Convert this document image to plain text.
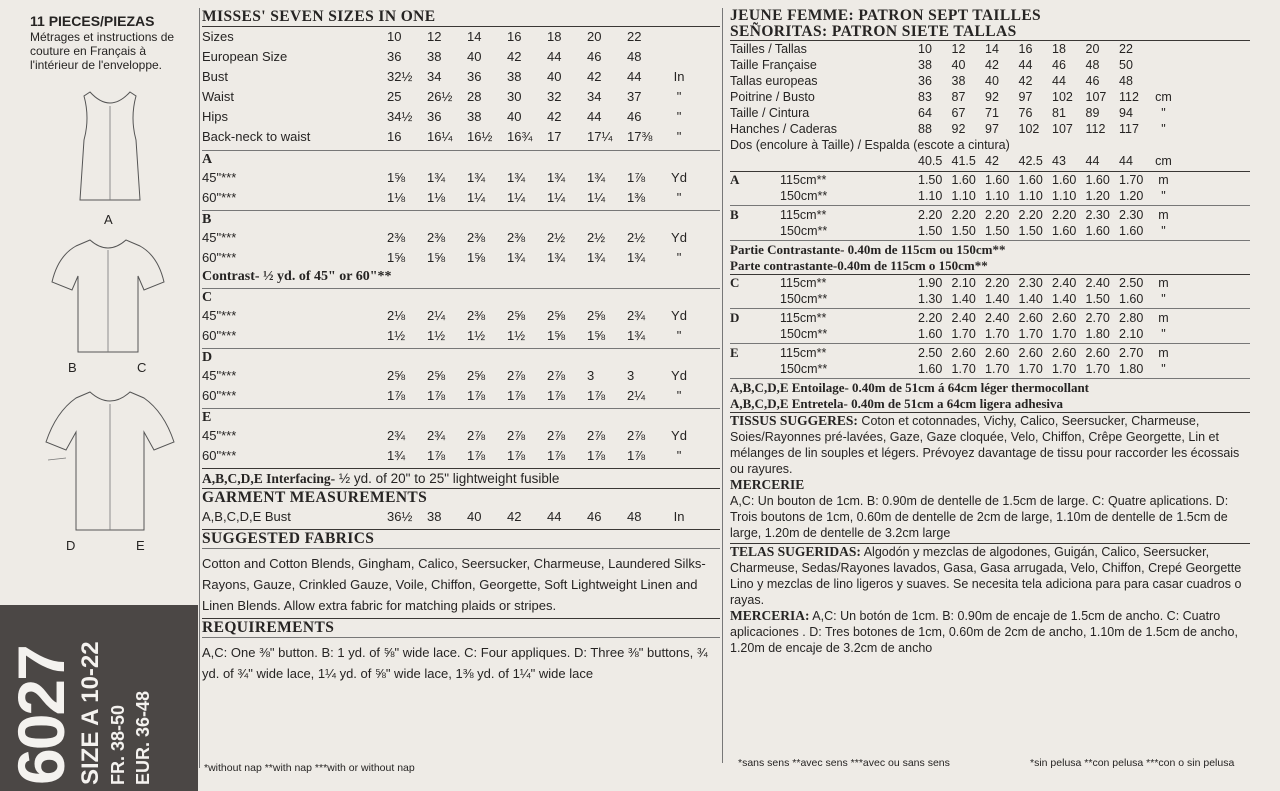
11 PIECES/PIEZAS
Métrages et instructions de couture en Français à l'intérieur de l'enveloppe.
A
B	C
D	E
6027 SIZE A 10-22 FR. 38-50 EUR. 36-48
MISSES' SEVEN SIZES IN ONE
Sizes	10	12	14	16	18	20	22	
European Size	36	38	40	42	44	46	48	
Bust	32½	34	36	38	40	42	44	In
Waist	25	26½	28	30	32	34	37	"
Hips	34½	36	38	40	42	44	46	"
Back-neck to waist	16	16¼	16½	16¾	17	17¼	17⅜	"
A
45"***	1⅝	1¾	1¾	1¾	1¾	1¾	1⅞	Yd
60"***	1⅛	1⅛	1¼	1¼	1¼	1¼	1⅜	"
B
45"***	2⅜	2⅜	2⅜	2⅜	2½	2½	2½	Yd
60"***	1⅝	1⅝	1⅝	1¾	1¾	1¾	1¾	"
Contrast- ½ yd. of 45" or 60"**
C
45"***	2⅛	2¼	2⅜	2⅝	2⅝	2⅝	2¾	Yd
60"***	1½	1½	1½	1½	1⅝	1⅝	1¾	"
D
45"***	2⅝	2⅝	2⅝	2⅞	2⅞	3	3	Yd
60"***	1⅞	1⅞	1⅞	1⅞	1⅞	1⅞	2¼	"
E
45"***	2¾	2¾	2⅞	2⅞	2⅞	2⅞	2⅞	Yd
60"***	1¾	1⅞	1⅞	1⅞	1⅞	1⅞	1⅞	"
A,B,C,D,E Interfacing- ½ yd. of 20" to 25" lightweight fusible
GARMENT MEASUREMENTS
A,B,C,D,E Bust	36½	38	40	42	44	46	48	In
SUGGESTED FABRICS
Cotton and Cotton Blends, Gingham, Calico, Seersucker, Charmeuse, Laundered Silks-Rayons, Gauze, Crinkled Gauze, Voile, Chiffon, Georgette, Soft Lightweight Linen and Linen Blends. Allow extra fabric for matching plaids or stripes.
REQUIREMENTS
A,C: One ⅜" button. B: 1 yd. of ⅝" wide lace. C: Four appliques. D: Three ⅜" buttons, ¾ yd. of ¾" wide lace, 1¼ yd. of ⅝" wide lace, 1⅜ yd. of 1¼" wide lace
*without nap **with nap ***with or without nap
JEUNE FEMME: PATRON SEPT TAILLES
SEÑORITAS: PATRON SIETE TALLAS
Tailles / Tallas	10	12	14	16	18	20	22	
Taille Française	38	40	42	44	46	48	50	
Tallas europeas	36	38	40	42	44	46	48	
Poitrine / Busto	83	87	92	97	102	107	112	cm
Taille / Cintura	64	67	71	76	81	89	94	"
Hanches / Caderas	88	92	97	102	107	112	117	"
Dos (encolure à Taille) / Espalda (escote a cintura)
	40.5	41.5	42	42.5	43	44	44	cm
A	115cm**	1.50	1.60	1.60	1.60	1.60	1.60	1.70	m
	150cm**	1.10	1.10	1.10	1.10	1.10	1.20	1.20	"
B	115cm**	2.20	2.20	2.20	2.20	2.20	2.30	2.30	m
	150cm**	1.50	1.50	1.50	1.50	1.60	1.60	1.60	"
Partie Contrastante- 0.40m de 115cm ou 150cm**
Parte contrastante-0.40m de 115cm o 150cm**
C	115cm**	1.90	2.10	2.20	2.30	2.40	2.40	2.50	m
	150cm**	1.30	1.40	1.40	1.40	1.40	1.50	1.60	"
D	115cm**	2.20	2.40	2.40	2.60	2.60	2.70	2.80	m
	150cm**	1.60	1.70	1.70	1.70	1.70	1.80	2.10	"
E	115cm**	2.50	2.60	2.60	2.60	2.60	2.60	2.70	m
	150cm**	1.60	1.70	1.70	1.70	1.70	1.70	1.80	"
A,B,C,D,E Entoilage- 0.40m de 51cm á 64cm léger thermocollant
A,B,C,D,E Entretela- 0.40m de 51cm a 64cm ligera adhesiva
TISSUS SUGGERES: Coton et cotonnades, Vichy, Calico, Seersucker, Charmeuse, Soies/Rayonnes pré-lavées, Gaze, Gaze cloquée, Velo, Chiffon, Crêpe Georgette, Lin et mélanges de lin souples et légers. Prévoyez davantage de tissu pour raccorder les écossais ou rayures.
MERCERIE
A,C: Un bouton de 1cm. B: 0.90m de dentelle de 1.5cm de large. C: Quatre aplications. D: Trois boutons de 1cm, 0.60m de dentelle de 2cm de large, 1.10m de dentelle de 1.5cm de large, 1.20m de dentelle de 3.2cm large
TELAS SUGERIDAS: Algodón y mezclas de algodones, Guigán, Calico, Seersucker, Charmeuse, Sedas/Rayones lavados, Gasa, Gasa arrugada, Velo, Chiffon, Crepé Georgette Lino y mezclas de lino ligeros y suaves. Se necesita tela adiciona para para casar cuadros o rayas.
MERCERIA: A,C: Un botón de 1cm. B: 0.90m de encaje de 1.5cm de ancho. C: Cuatro aplicaciones . D: Tres botones de 1cm, 0.60m de 2cm de ancho, 1.10m de 1.5cm de ancho, 1.20m de encaje de 3.2cm de ancho
*sans sens **avec sens ***avec ou sans sens	*sin pelusa **con pelusa ***con o sin pelusa
